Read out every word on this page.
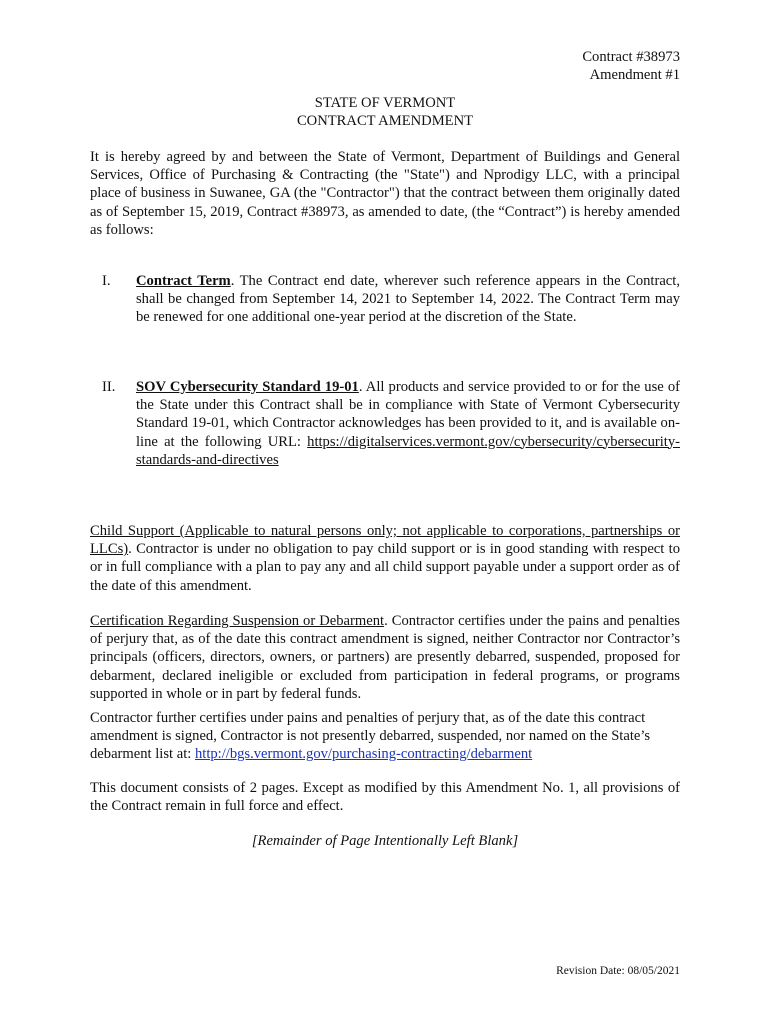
Contract #38973
Amendment #1
STATE OF VERMONT
CONTRACT AMENDMENT

It is hereby agreed by and between the State of Vermont, Department of Buildings and General Services, Office of Purchasing & Contracting (the "State") and Nprodigy LLC, with a principal place of business in Suwanee, GA (the "Contractor") that the contract between them originally dated as of September 15, 2019, Contract #38973, as amended to date, (the “Contract”) is hereby amended as follows:

I.	Contract Term. The Contract end date, wherever such reference appears in the Contract, shall be changed from September 14, 2021 to September 14, 2022. The Contract Term may be renewed for one additional one-year period at the discretion of the State.
II.	SOV Cybersecurity Standard 19-01. All products and service provided to or for the use of the State under this Contract shall be in compliance with State of Vermont Cybersecurity Standard 19-01, which Contractor acknowledges has been provided to it, and is available on-line at the following URL: https://digitalservices.vermont.gov/cybersecurity/cybersecurity-standards-and-directives

Child Support (Applicable to natural persons only; not applicable to corporations, partnerships or LLCs). Contractor is under no obligation to pay child support or is in good standing with respect to or in full compliance with a plan to pay any and all child support payable under a support order as of the date of this amendment.

Certification Regarding Suspension or Debarment. Contractor certifies under the pains and penalties of perjury that, as of the date this contract amendment is signed, neither Contractor nor Contractor’s principals (officers, directors, owners, or partners) are presently debarred, suspended, proposed for debarment, declared ineligible or excluded from participation in federal programs, or programs supported in whole or in part by federal funds.

Contractor further certifies under pains and penalties of perjury that, as of the date this contract amendment is signed, Contractor is not presently debarred, suspended, nor named on the State’s debarment list at: http://bgs.vermont.gov/purchasing-contracting/debarment

This document consists of 2 pages. Except as modified by this Amendment No. 1, all provisions of the Contract remain in full force and effect.

[Remainder of Page Intentionally Left Blank]
Revision Date: 08/05/2021
